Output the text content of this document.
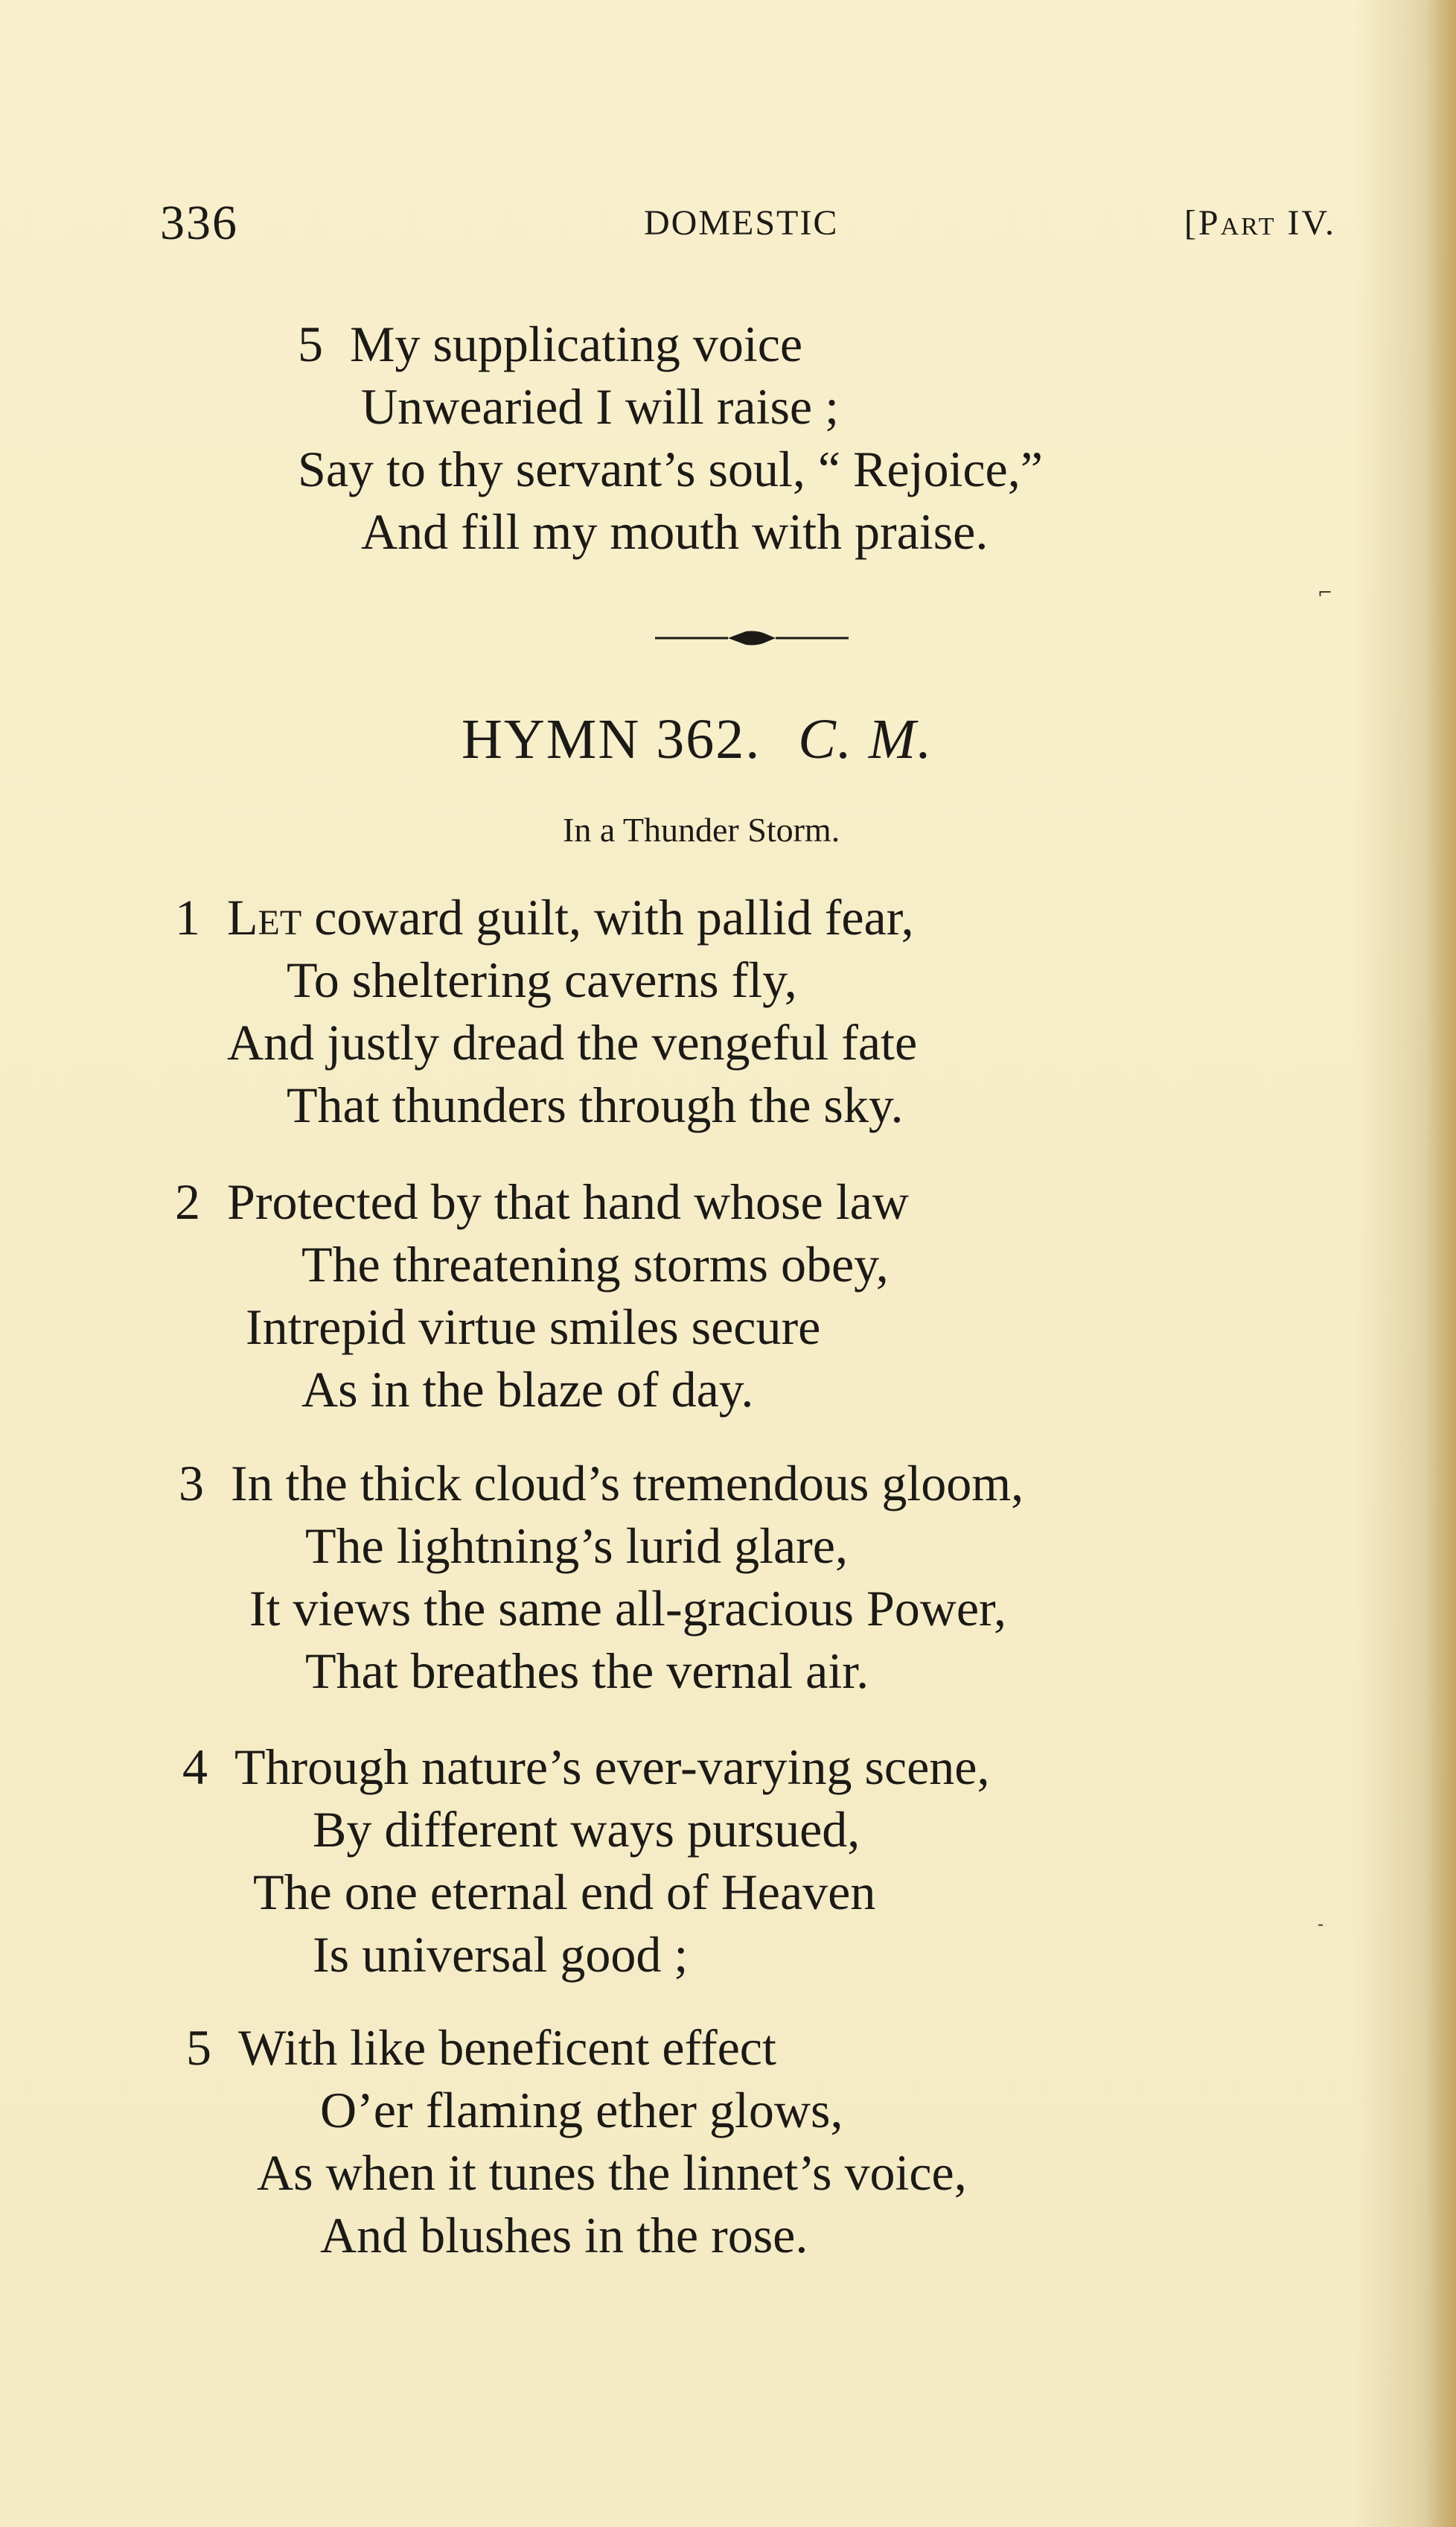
336	DOMESTIC	[Part IV.
5 My supplicating voice
Unwearied I will raise ;
Say to thy servant’s soul, “ Rejoice,”
And fill my mouth with praise.
⌐
HYMN 362. C. M.
In a Thunder Storm.
1 Let coward guilt, with pallid fear,
To sheltering caverns fly,
And justly dread the vengeful fate
That thunders through the sky.
2 Protected by that hand whose law
The threatening storms obey,
Intrepid virtue smiles secure
As in the blaze of day.
3 In the thick cloud’s tremendous gloom,
The lightning’s lurid glare,
It views the same all-gracious Power,
That breathes the vernal air.
4 Through nature’s ever-varying scene,
By different ways pursued,
The one eternal end of Heaven
Is universal good ;
-
5 With like beneficent effect
O’er flaming ether glows,
As when it tunes the linnet’s voice,
And blushes in the rose.
